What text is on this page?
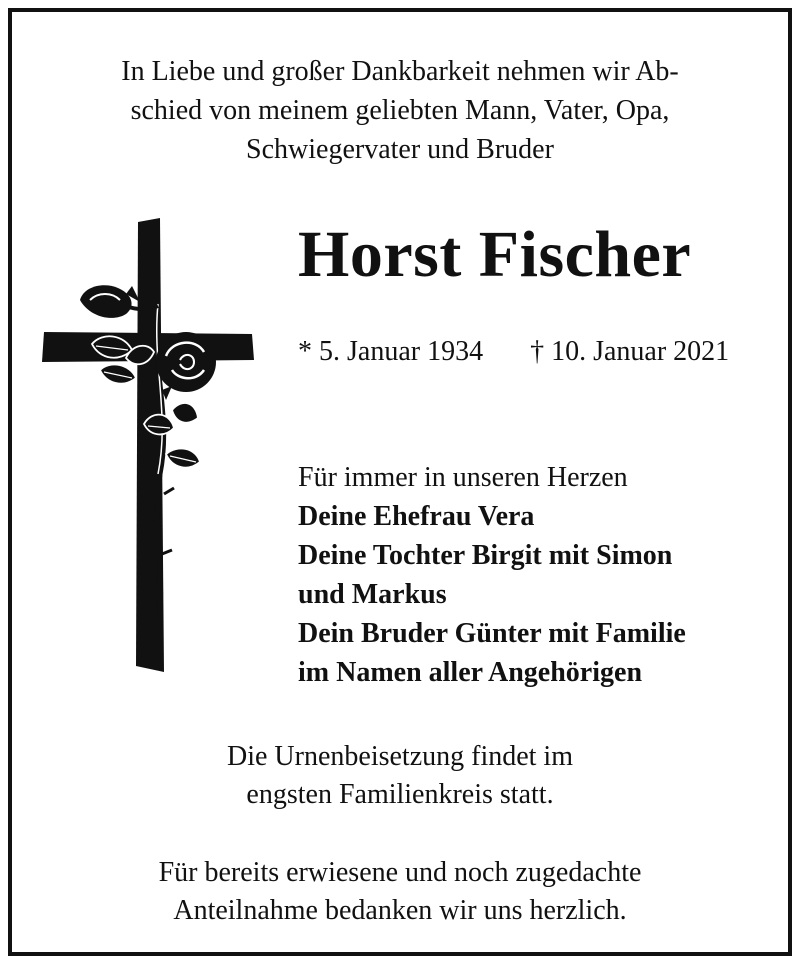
In Liebe und großer Dankbarkeit nehmen wir Ab-
schied von meinem geliebten Mann, Vater, Opa,
Schwiegervater und Bruder
Horst Fischer
* 5. Januar 1934 † 10. Januar 2021
Für immer in unseren Herzen
Deine Ehefrau Vera
Deine Tochter Birgit mit Simon
und Markus
Dein Bruder Günter mit Familie
im Namen aller Angehörigen
Die Urnenbeisetzung findet im
engsten Familienkreis statt.
Für bereits erwiesene und noch zugedachte
Anteilnahme bedanken wir uns herzlich.
